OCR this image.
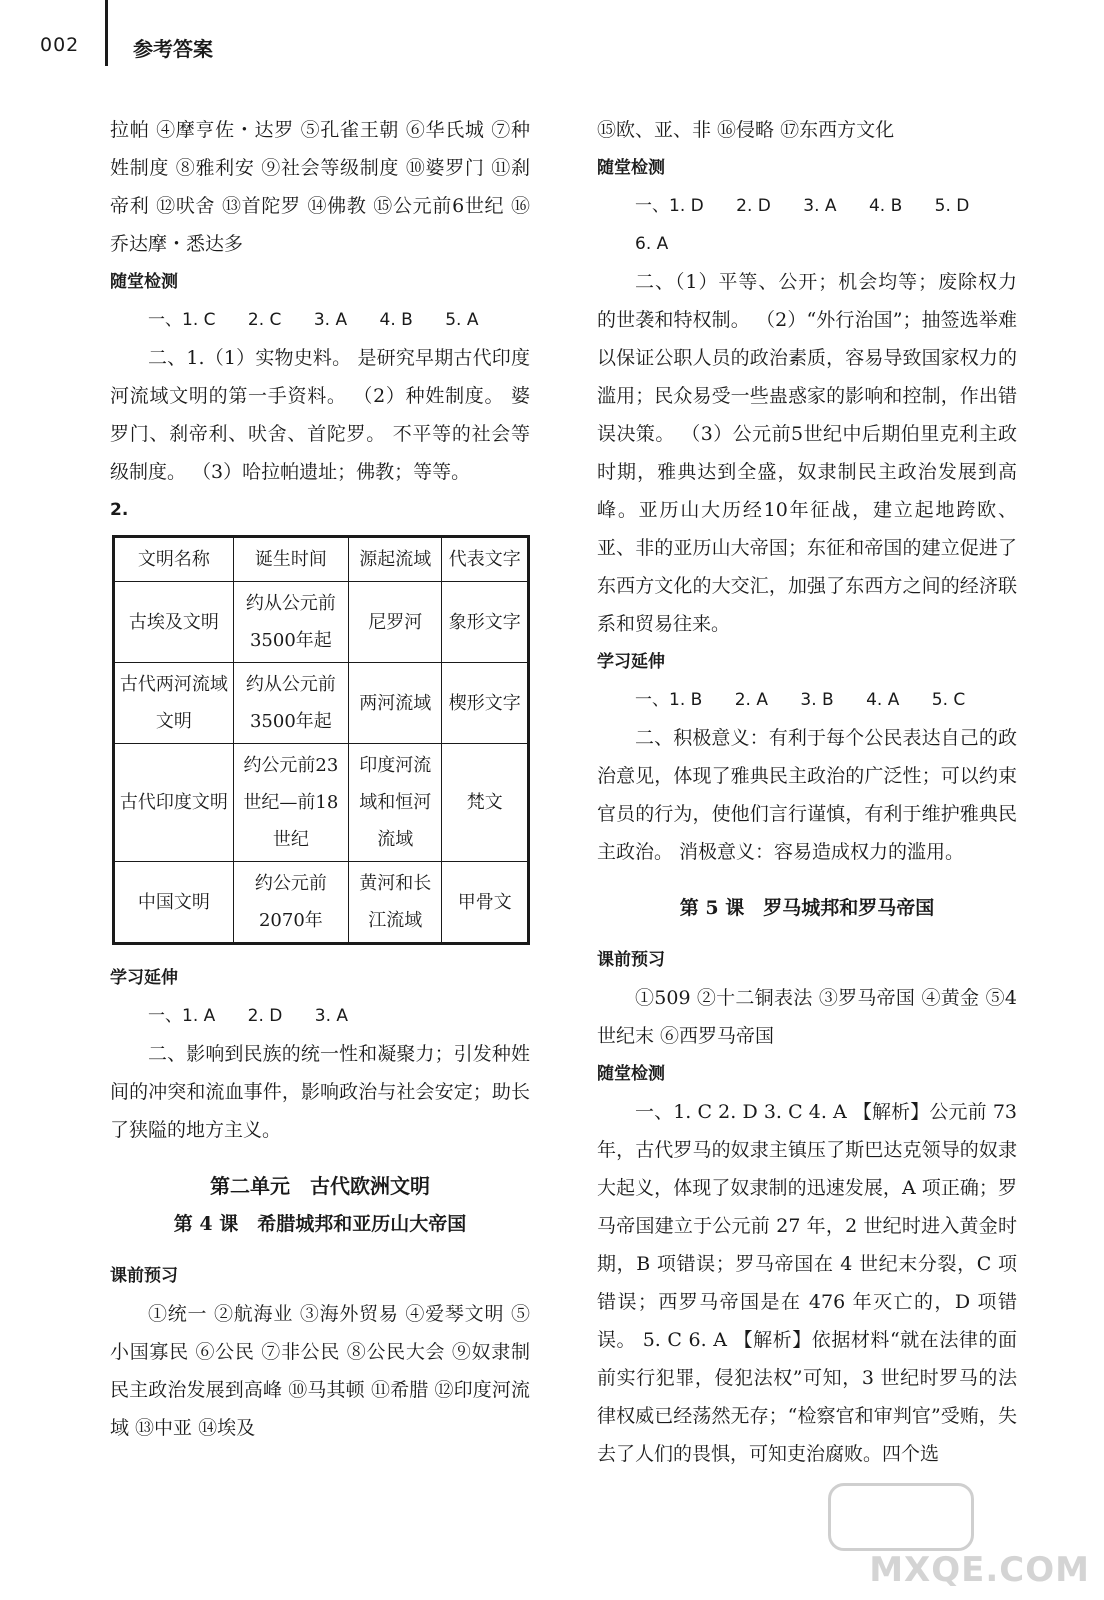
002	参考答案

拉帕 ④摩亨佐・达罗 ⑤孔雀王朝 ⑥华氏城 ⑦种姓制度 ⑧雅利安 ⑨社会等级制度 ⑩婆罗门 ⑪刹帝利 ⑫吠舍 ⑬首陀罗 ⑭佛教 ⑮公元前6世纪 ⑯乔达摩・悉达多

随堂检测

一、1. C      2. C      3. A      4. B      5. A

二、1.（1）实物史料。 是研究早期古代印度河流域文明的第一手资料。 （2）种姓制度。 婆罗门、刹帝利、吠舍、首陀罗。 不平等的社会等级制度。 （3）哈拉帕遗址；佛教；等等。

2.

文明名称	诞生时间	源起流域	代表文字
古埃及文明	约从公元前3500年起	尼罗河	象形文字
古代两河流域文明	约从公元前3500年起	两河流域	楔形文字
古代印度文明	约公元前23世纪—前18世纪	印度河流域和恒河流域	梵文
中国文明	约公元前2070年	黄河和长江流域	甲骨文

学习延伸

一、1. A      2. D      3. A

二、影响到民族的统一性和凝聚力；引发种姓间的冲突和流血事件，影响政治与社会安定；助长了狭隘的地方主义。

第二单元　古代欧洲文明

第 4 课　希腊城邦和亚历山大帝国

课前预习

①统一 ②航海业 ③海外贸易 ④爱琴文明 ⑤小国寡民 ⑥公民 ⑦非公民 ⑧公民大会 ⑨奴隶制民主政治发展到高峰 ⑩马其顿 ⑪希腊 ⑫印度河流域 ⑬中亚 ⑭埃及

⑮欧、亚、非 ⑯侵略 ⑰东西方文化

随堂检测

一、1. D      2. D      3. A      4. B      5. D

6. A

二、（1）平等、公开；机会均等；废除权力的世袭和特权制。 （2）“外行治国”；抽签选举难以保证公职人员的政治素质，容易导致国家权力的滥用；民众易受一些蛊惑家的影响和控制，作出错误决策。 （3）公元前5世纪中后期伯里克利主政时期，雅典达到全盛，奴隶制民主政治发展到高峰。亚历山大历经10年征战，建立起地跨欧、亚、非的亚历山大帝国；东征和帝国的建立促进了东西方文化的大交汇，加强了东西方之间的经济联系和贸易往来。

学习延伸

一、1. B      2. A      3. B      4. A      5. C

二、积极意义：有利于每个公民表达自己的政治意见，体现了雅典民主政治的广泛性；可以约束官员的行为，使他们言行谨慎，有利于维护雅典民主政治。 消极意义：容易造成权力的滥用。

第 5 课　罗马城邦和罗马帝国

课前预习

①509 ②十二铜表法 ③罗马帝国 ④黄金 ⑤4 世纪末 ⑥西罗马帝国

随堂检测

一、1. C 2. D 3. C 4. A 【解析】公元前 73 年，古代罗马的奴隶主镇压了斯巴达克领导的奴隶大起义，体现了奴隶制的迅速发展，A 项正确；罗马帝国建立于公元前 27 年，2 世纪时进入黄金时期，B 项错误；罗马帝国在 4 世纪末分裂，C 项错误；西罗马帝国是在 476 年灭亡的，D 项错误。 5. C 6. A 【解析】依据材料“就在法律的面前实行犯罪，侵犯法权”可知，3 世纪时罗马的法律权威已经荡然无存；“检察官和审判官”受贿，失去了人们的畏惧，可知吏治腐败。四个选

MXQE.COM
